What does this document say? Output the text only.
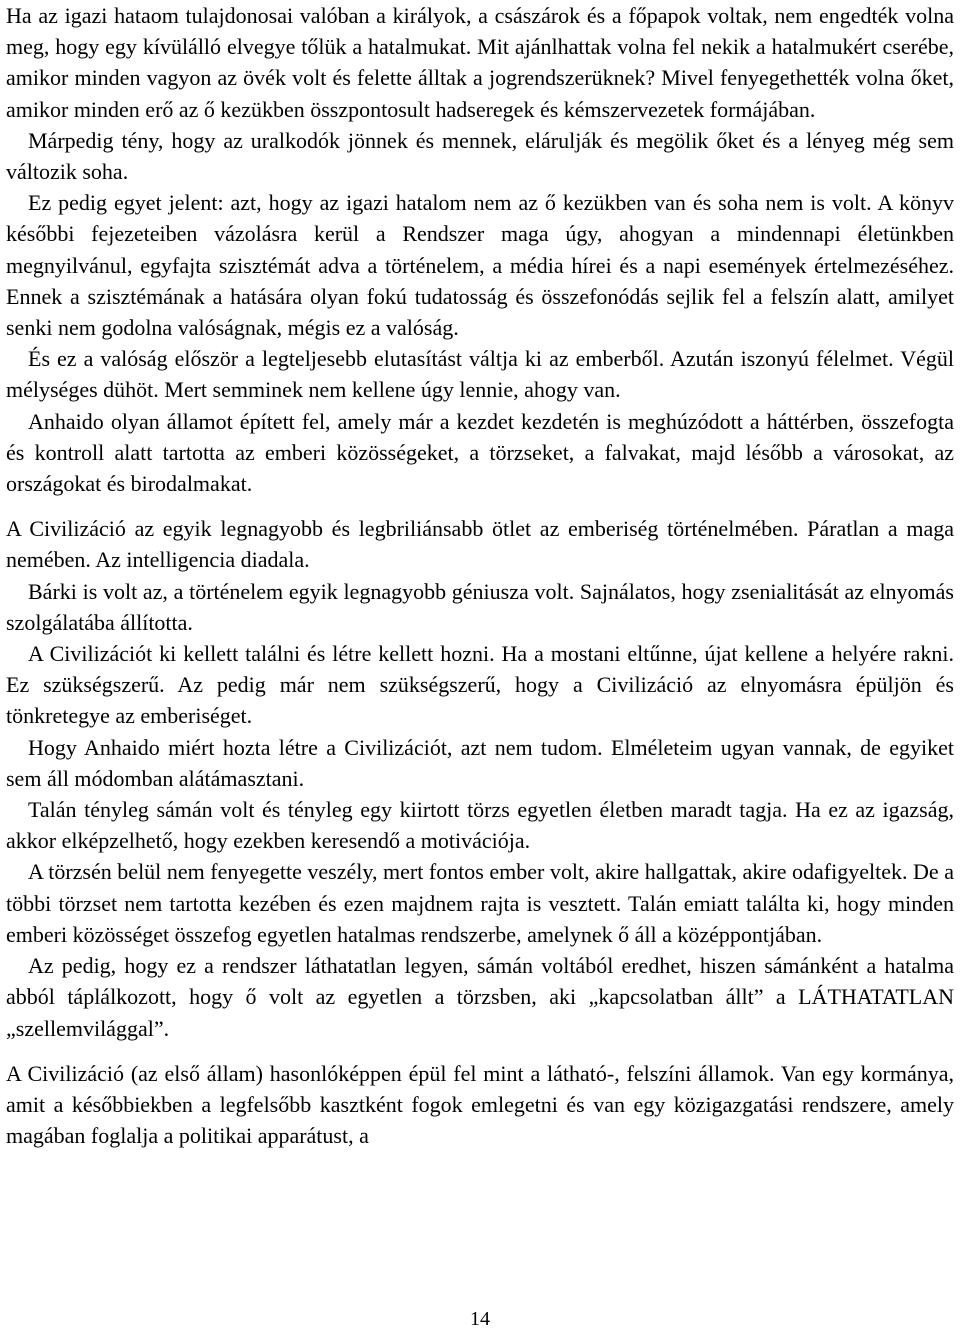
Ha az igazi hataom tulajdonosai valóban a királyok, a császárok és a főpapok voltak, nem engedték volna meg, hogy egy kívülálló elvegye tőlük a hatalmukat. Mit ajánlhattak volna fel nekik a hatalmukért cserébe, amikor minden vagyon az övék volt és felette álltak a jogrendszerüknek? Mivel fenyegethették volna őket, amikor minden erő az ő kezükben összpontosult hadseregek és kémszervezetek formájában.

Márpedig tény, hogy az uralkodók jönnek és mennek, elárulják és megölik őket és a lényeg még sem változik soha.

Ez pedig egyet jelent: azt, hogy az igazi hatalom nem az ő kezükben van és soha nem is volt. A könyv későbbi fejezeteiben vázolásra kerül a Rendszer maga úgy, ahogyan a mindennapi életünkben megnyilvánul, egyfajta szisztémát adva a történelem, a média hírei és a napi események értelmezéséhez. Ennek a szisztémának a hatására olyan fokú tudatosság és összefonódás sejlik fel a felszín alatt, amilyet senki nem godolna valóságnak, mégis ez a valóság.

És ez a valóság először a legteljesebb elutasítást váltja ki az emberből. Azután iszonyú félelmet. Végül mélységes dühöt. Mert semminek nem kellene úgy lennie, ahogy van.

Anhaido olyan államot épített fel, amely már a kezdet kezdetén is meghúzódott a háttérben, összefogta és kontroll alatt tartotta az emberi közösségeket, a törzseket, a falvakat, majd lésőbb a városokat, az országokat és birodalmakat.

A Civilizáció az egyik legnagyobb és legbriliánsabb ötlet az emberiség történelmében. Páratlan a maga nemében. Az intelligencia diadala.

Bárki is volt az, a történelem egyik legnagyobb géniusza volt. Sajnálatos, hogy zsenialitását az elnyomás szolgálatába állította.

A Civilizációt ki kellett találni és létre kellett hozni. Ha a mostani eltűnne, újat kellene a helyére rakni. Ez szükségszerű. Az pedig már nem szükségszerű, hogy a Civilizáció az elnyomásra épüljön és tönkretegye az emberiséget.

Hogy Anhaido miért hozta létre a Civilizációt, azt nem tudom. Elméleteim ugyan vannak, de egyiket sem áll módomban alátámasztani.

Talán tényleg sámán volt és tényleg egy kiirtott törzs egyetlen életben maradt tagja. Ha ez az igazság, akkor elképzelhető, hogy ezekben keresendő a motivációja.

A törzsén belül nem fenyegette veszély, mert fontos ember volt, akire hallgattak, akire odafigyeltek. De a többi törzset nem tartotta kezében és ezen majdnem rajta is vesztett. Talán emiatt találta ki, hogy minden emberi közösséget összefog egyetlen hatalmas rendszerbe, amelynek ő áll a középpontjában.

Az pedig, hogy ez a rendszer láthatatlan legyen, sámán voltából eredhet, hiszen sámánként a hatalma abból táplálkozott, hogy ő volt az egyetlen a törzsben, aki „kapcsolatban állt” a LÁTHATATLAN „szellemvilággal”.

A Civilizáció (az első állam) hasonlóképpen épül fel mint a látható-, felszíni államok. Van egy kormánya, amit a későbbiekben a legfelsőbb kasztként fogok emlegetni és van egy közigazgatási rendszere, amely magában foglalja a politikai apparátust, a

14
